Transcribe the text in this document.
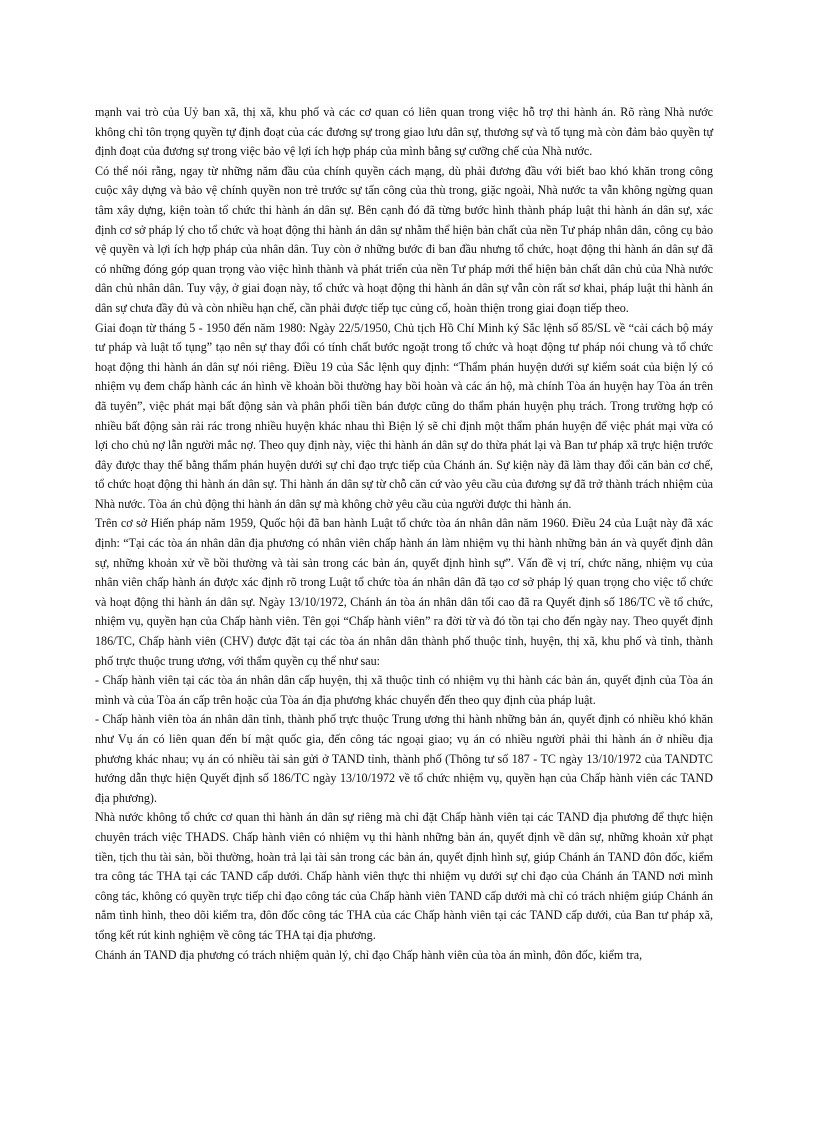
mạnh vai trò của Uỷ ban xã, thị xã, khu phố và các cơ quan có liên quan trong việc hỗ trợ thi hành án. Rõ ràng Nhà nước không chỉ tôn trọng quyền tự định đoạt của các đương sự trong giao lưu dân sự, thương sự và tố tụng mà còn đảm bảo quyền tự định đoạt của đương sự trong việc bảo vệ lợi ích hợp pháp của mình bằng sự cưỡng chế của Nhà nước.

Có thể nói rằng, ngay từ những năm đầu của chính quyền cách mạng, dù phải đương đầu với biết bao khó khăn trong công cuộc xây dựng và bảo vệ chính quyền non trẻ trước sự tấn công của thù trong, giặc ngoài, Nhà nước ta vẫn không ngừng quan tâm xây dựng, kiện toàn tổ chức thi hành án dân sự. Bên cạnh đó đã từng bước hình thành pháp luật thi hành án dân sự, xác định cơ sở pháp lý cho tổ chức và hoạt động thi hành án dân sự nhằm thể hiện bản chất của nền Tư pháp nhân dân, công cụ bảo vệ quyền và lợi ích hợp pháp của nhân dân. Tuy còn ở những bước đi ban đầu nhưng tổ chức, hoạt động thi hành án dân sự đã có những đóng góp quan trọng vào việc hình thành và phát triển của nền Tư pháp mới thể hiện bản chất dân chủ của Nhà nước dân chủ nhân dân. Tuy vậy, ở giai đoạn này, tổ chức và hoạt động thi hành án dân sự vẫn còn rất sơ khai, pháp luật thi hành án dân sự chưa đầy đủ và còn nhiều hạn chế, cần phải được tiếp tục củng cố, hoàn thiện trong giai đoạn tiếp theo.

Giai đoạn từ tháng 5 - 1950 đến năm 1980: Ngày 22/5/1950, Chủ tịch Hồ Chí Minh ký Sắc lệnh số 85/SL về “cải cách bộ máy tư pháp và luật tố tụng” tạo nên sự thay đổi có tính chất bước ngoặt trong tổ chức và hoạt động tư pháp nói chung và tổ chức hoạt động thi hành án dân sự nói riêng. Điều 19 của Sắc lệnh quy định: “Thẩm phán huyện dưới sự kiểm soát của biện lý có nhiệm vụ đem chấp hành các án hình về khoản bồi thường hay bồi hoàn và các án hộ, mà chính Tòa án huyện hay Tòa án trên đã tuyên”, việc phát mại bất động sản và phân phối tiền bán được cũng do thẩm phán huyện phụ trách. Trong trường hợp có nhiều bất động sản rải rác trong nhiều huyện khác nhau thì Biện lý sẽ chỉ định một thẩm phán huyện để việc phát mại vừa có lợi cho chủ nợ lẫn người mắc nợ. Theo quy định này, việc thi hành án dân sự do thừa phát lại và Ban tư pháp xã trực hiện trước đây được thay thế bằng thẩm phán huyện dưới sự chỉ đạo trực tiếp của Chánh án. Sự kiện này đã làm thay đổi căn bản cơ chế, tổ chức hoạt động thi hành án dân sự. Thi hành án dân sự từ chỗ căn cứ vào yêu cầu của đương sự đã trở thành trách nhiệm của Nhà nước. Tòa án chủ động thi hành án dân sự mà không chờ yêu cầu của người được thi hành án.

Trên cơ sở Hiến pháp năm 1959, Quốc hội đã ban hành Luật tổ chức tòa án nhân dân năm 1960. Điều 24 của Luật này đã xác định: “Tại các tòa án nhân dân địa phương có nhân viên chấp hành án làm nhiệm vụ thi hành những bản án và quyết định dân sự, những khoản xử về bồi thường và tài sản trong các bản án, quyết định hình sự”. Vấn đề vị trí, chức năng, nhiệm vụ của nhân viên chấp hành án được xác định rõ trong Luật tổ chức tòa án nhân dân đã tạo cơ sở pháp lý quan trọng cho việc tổ chức và hoạt động thi hành án dân sự. Ngày 13/10/1972, Chánh án tòa án nhân dân tối cao đã ra Quyết định số 186/TC về tổ chức, nhiệm vụ, quyền hạn của Chấp hành viên. Tên gọi “Chấp hành viên” ra đời từ và đó tồn tại cho đến ngày nay. Theo quyết định 186/TC, Chấp hành viên (CHV) được đặt tại các tòa án nhân dân thành phố thuộc tỉnh, huyện, thị xã, khu phố và tỉnh, thành phố trực thuộc trung ương, với thẩm quyền cụ thể như sau:

- Chấp hành viên tại các tòa án nhân dân cấp huyện, thị xã thuộc tỉnh có nhiệm vụ thi hành các bản án, quyết định của Tòa án mình và của Tòa án cấp trên hoặc của Tòa án địa phương khác chuyển đến theo quy định của pháp luật.

- Chấp hành viên tòa án nhân dân tỉnh, thành phố trực thuộc Trung ương thi hành những bản án, quyết định có nhiều khó khăn như Vụ án có liên quan đến bí mật quốc gia, đến công tác ngoại giao; vụ án có nhiều người phải thi hành án ở nhiều địa phương khác nhau; vụ án có nhiều tài sản gửi ở TAND tỉnh, thành phố (Thông tư số 187 - TC ngày 13/10/1972 của TANDTC hướng dẫn thực hiện Quyết định số 186/TC ngày 13/10/1972 về tổ chức nhiệm vụ, quyền hạn của Chấp hành viên các TAND địa phương).

Nhà nước không tổ chức cơ quan thi hành án dân sự riêng mà chỉ đặt Chấp hành viên tại các TAND địa phương để thực hiện chuyên trách việc THADS. Chấp hành viên có nhiệm vụ thi hành những bản án, quyết định về dân sự, những khoản xử phạt tiền, tịch thu tài sản, bồi thường, hoàn trả lại tài sản trong các bản án, quyết định hình sự, giúp Chánh án TAND đôn đốc, kiểm tra công tác THA tại các TAND cấp dưới. Chấp hành viên thực thi nhiệm vụ dưới sự chỉ đạo của Chánh án TAND nơi mình công tác, không có quyền trực tiếp chỉ đạo công tác của Chấp hành viên TAND cấp dưới mà chỉ có trách nhiệm giúp Chánh án nắm tình hình, theo dõi kiểm tra, đôn đốc công tác THA của các Chấp hành viên tại các TAND cấp dưới, của Ban tư pháp xã, tổng kết rút kinh nghiệm về công tác THA tại địa phương.

Chánh án TAND địa phương có trách nhiệm quản lý, chỉ đạo Chấp hành viên của tòa án mình, đôn đốc, kiểm tra,
